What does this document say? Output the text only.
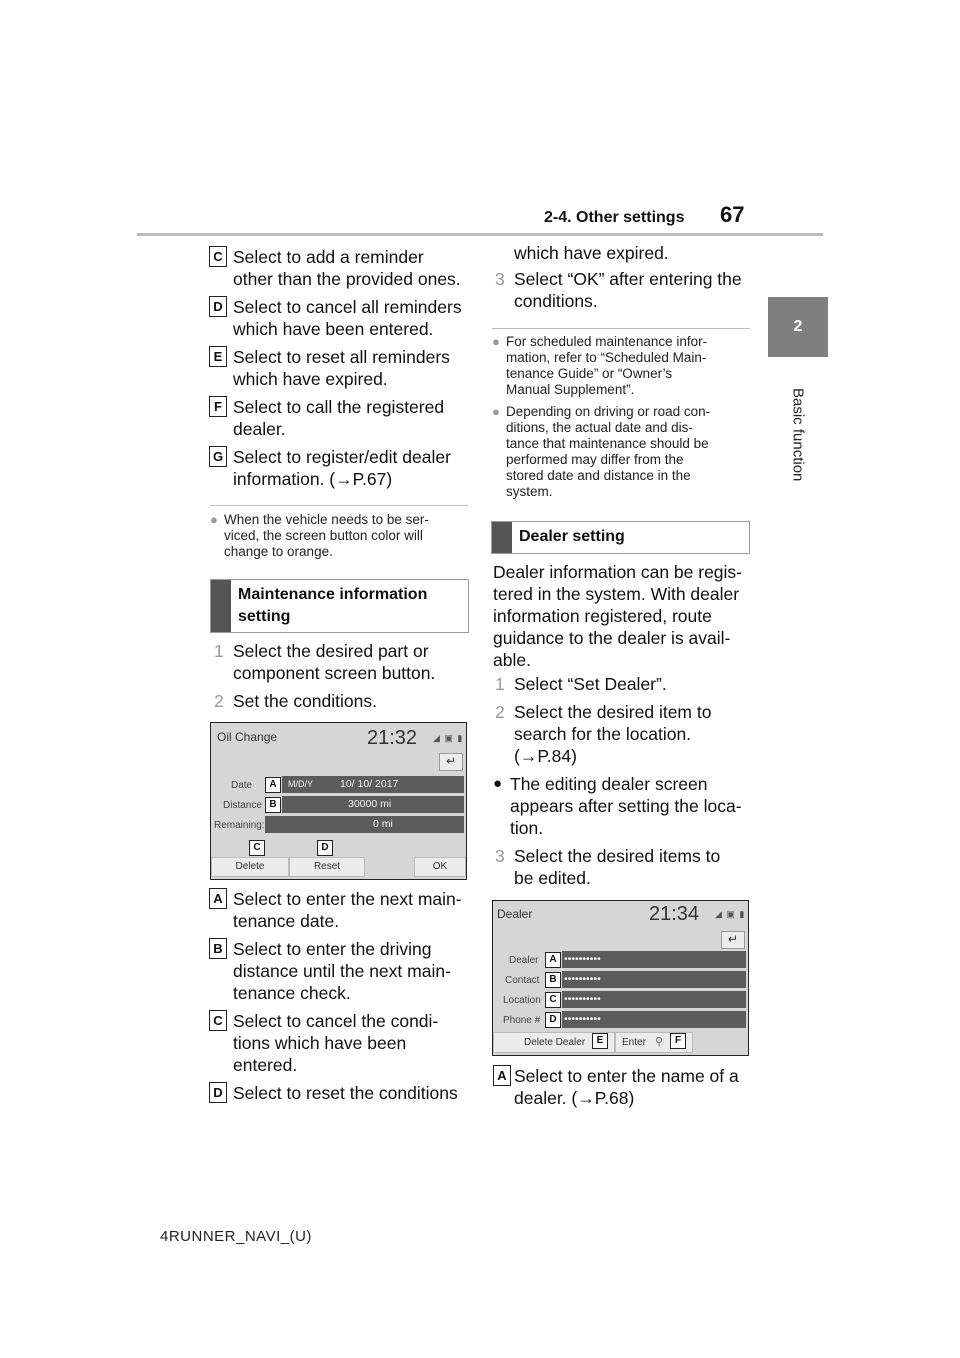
2-4. Other settings 67
2
Basic function
C Select to add a reminder
other than the provided ones.
D Select to cancel all reminders
which have been entered.
E Select to reset all reminders
which have expired.
F Select to call the registered
dealer.
G Select to register/edit dealer
information. (→P.67)
● When the vehicle needs to be ser-
viced, the screen button color will
change to orange.
Maintenance information
setting
1 Select the desired part or
component screen button.
2 Set the conditions.
Oil Change	21:32 ◢ ▣ ▮
↵
Date	A	M/D/Y	10/ 10/ 2017
Distance B	30000 mi
Remaining:	0 mi
C	D
Delete	Reset	OK
A Select to enter the next main-
tenance date.
B Select to enter the driving
distance until the next main-
tenance check.
C Select to cancel the condi-
tions which have been
entered.
D Select to reset the conditions
which have expired.
3 Select “OK” after entering the
conditions.
● For scheduled maintenance infor-
mation, refer to “Scheduled Main-
tenance Guide” or “Owner’s
Manual Supplement”.
● Depending on driving or road con-
ditions, the actual date and dis-
tance that maintenance should be
performed may differ from the
stored date and distance in the
system.
Dealer setting
Dealer information can be regis-
tered in the system. With dealer
information registered, route
guidance to the dealer is avail-
able.
1 Select “Set Dealer”.
2 Select the desired item to
search for the location.
(→P.84)
● The editing dealer screen
appears after setting the loca-
tion.
3 Select the desired items to
be edited.
Dealer	21:34 ◢ ▣ ▮
↵
Dealer	A ••••••••••
Contact B ••••••••••
Location C ••••••••••
Phone # D ••••••••••
Delete Dealer	E	Enter ⚲	F
A Select to enter the name of a
dealer. (→P.68)
4RUNNER_NAVI_(U)
